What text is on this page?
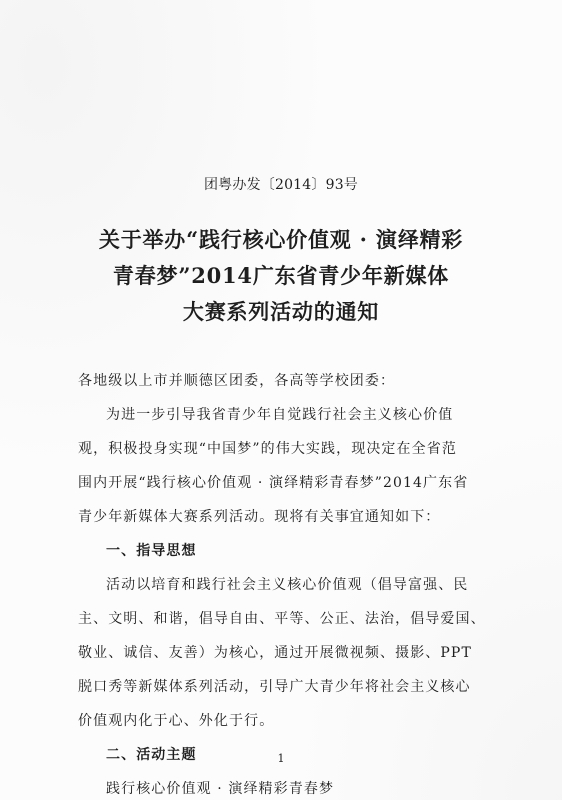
团粤办发〔2014〕93号
关于举办“践行核心价值观 · 演绎精彩
青春梦”2014广东省青少年新媒体
大赛系列活动的通知
各地级以上市并顺德区团委，各高等学校团委：
为进一步引导我省青少年自觉践行社会主义核心价值
观，积极投身实现“中国梦”的伟大实践，现决定在全省范
围内开展“践行核心价值观 · 演绎精彩青春梦”2014广东省
青少年新媒体大赛系列活动。现将有关事宜通知如下：
一、指导思想
活动以培育和践行社会主义核心价值观（倡导富强、民
主、文明、和谐，倡导自由、平等、公正、法治，倡导爱国、
敬业、诚信、友善）为核心，通过开展微视频、摄影、PPT
脱口秀等新媒体系列活动，引导广大青少年将社会主义核心
价值观内化于心、外化于行。
二、活动主题
践行核心价值观 · 演绎精彩青春梦
1
